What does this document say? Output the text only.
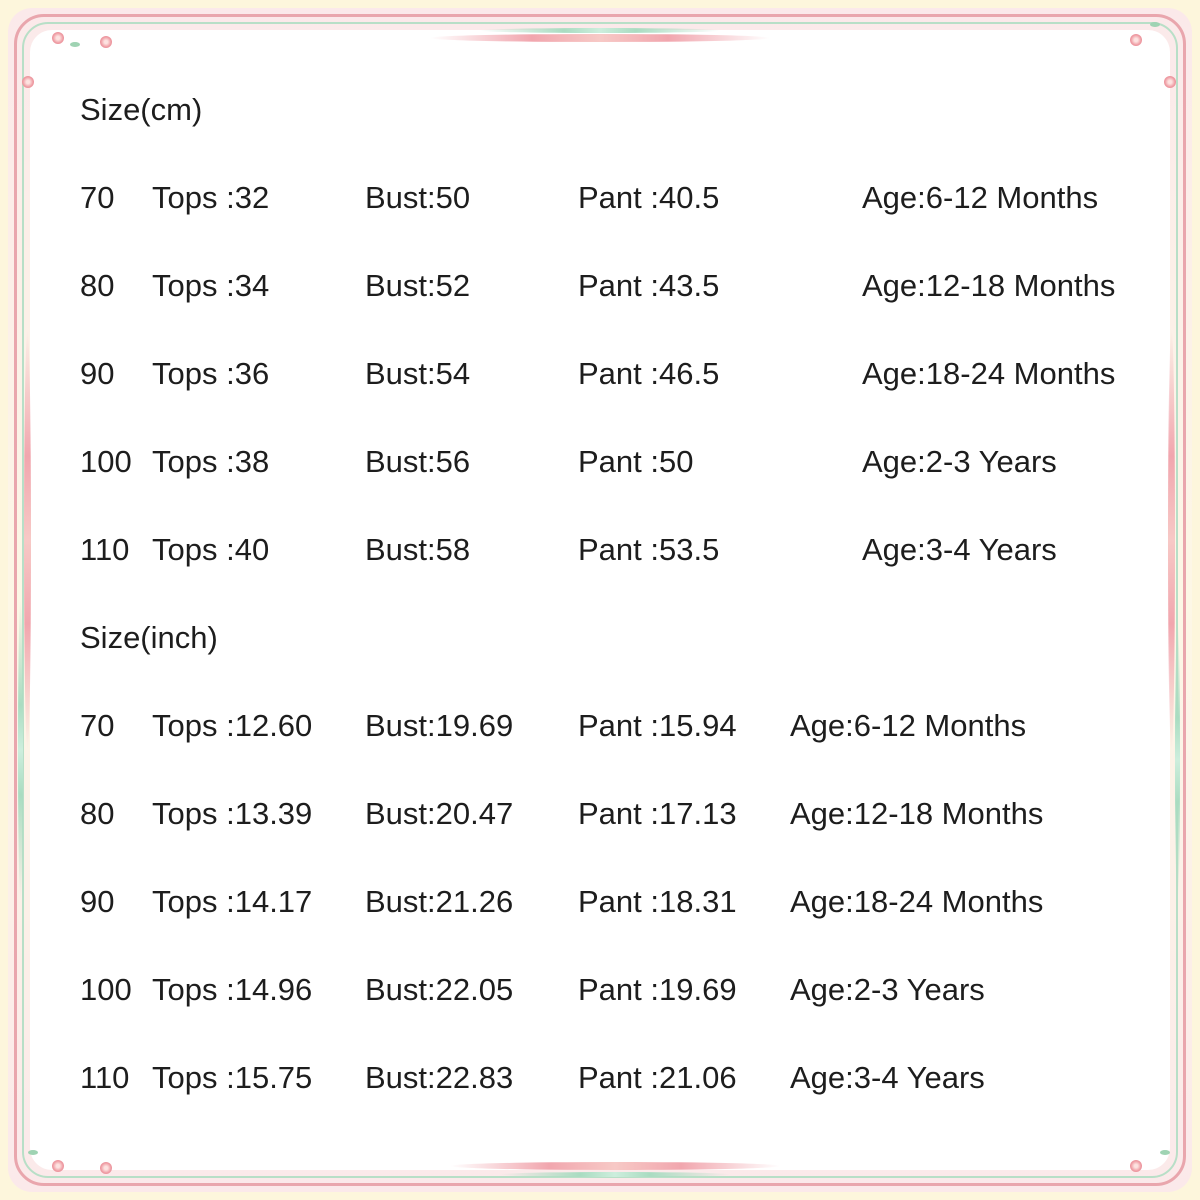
Size(cm)
70 Tops :32	Bust:50	Pant :40.5	Age:6-12 Months
80 Tops :34	Bust:52	Pant :43.5	Age:12-18 Months
90 Tops :36	Bust:54	Pant :46.5	Age:18-24 Months
100 Tops :38	Bust:56	Pant :50	Age:2-3 Years
110 Tops :40	Bust:58	Pant :53.5	Age:3-4 Years
Size(inch)
70 Tops :12.60 Bust:19.69 Pant :15.94 Age:6-12 Months
80 Tops :13.39 Bust:20.47 Pant :17.13 Age:12-18 Months
90 Tops :14.17 Bust:21.26 Pant :18.31 Age:18-24 Months
100 Tops :14.96 Bust:22.05 Pant :19.69 Age:2-3 Years
110 Tops :15.75 Bust:22.83 Pant :21.06 Age:3-4 Years
